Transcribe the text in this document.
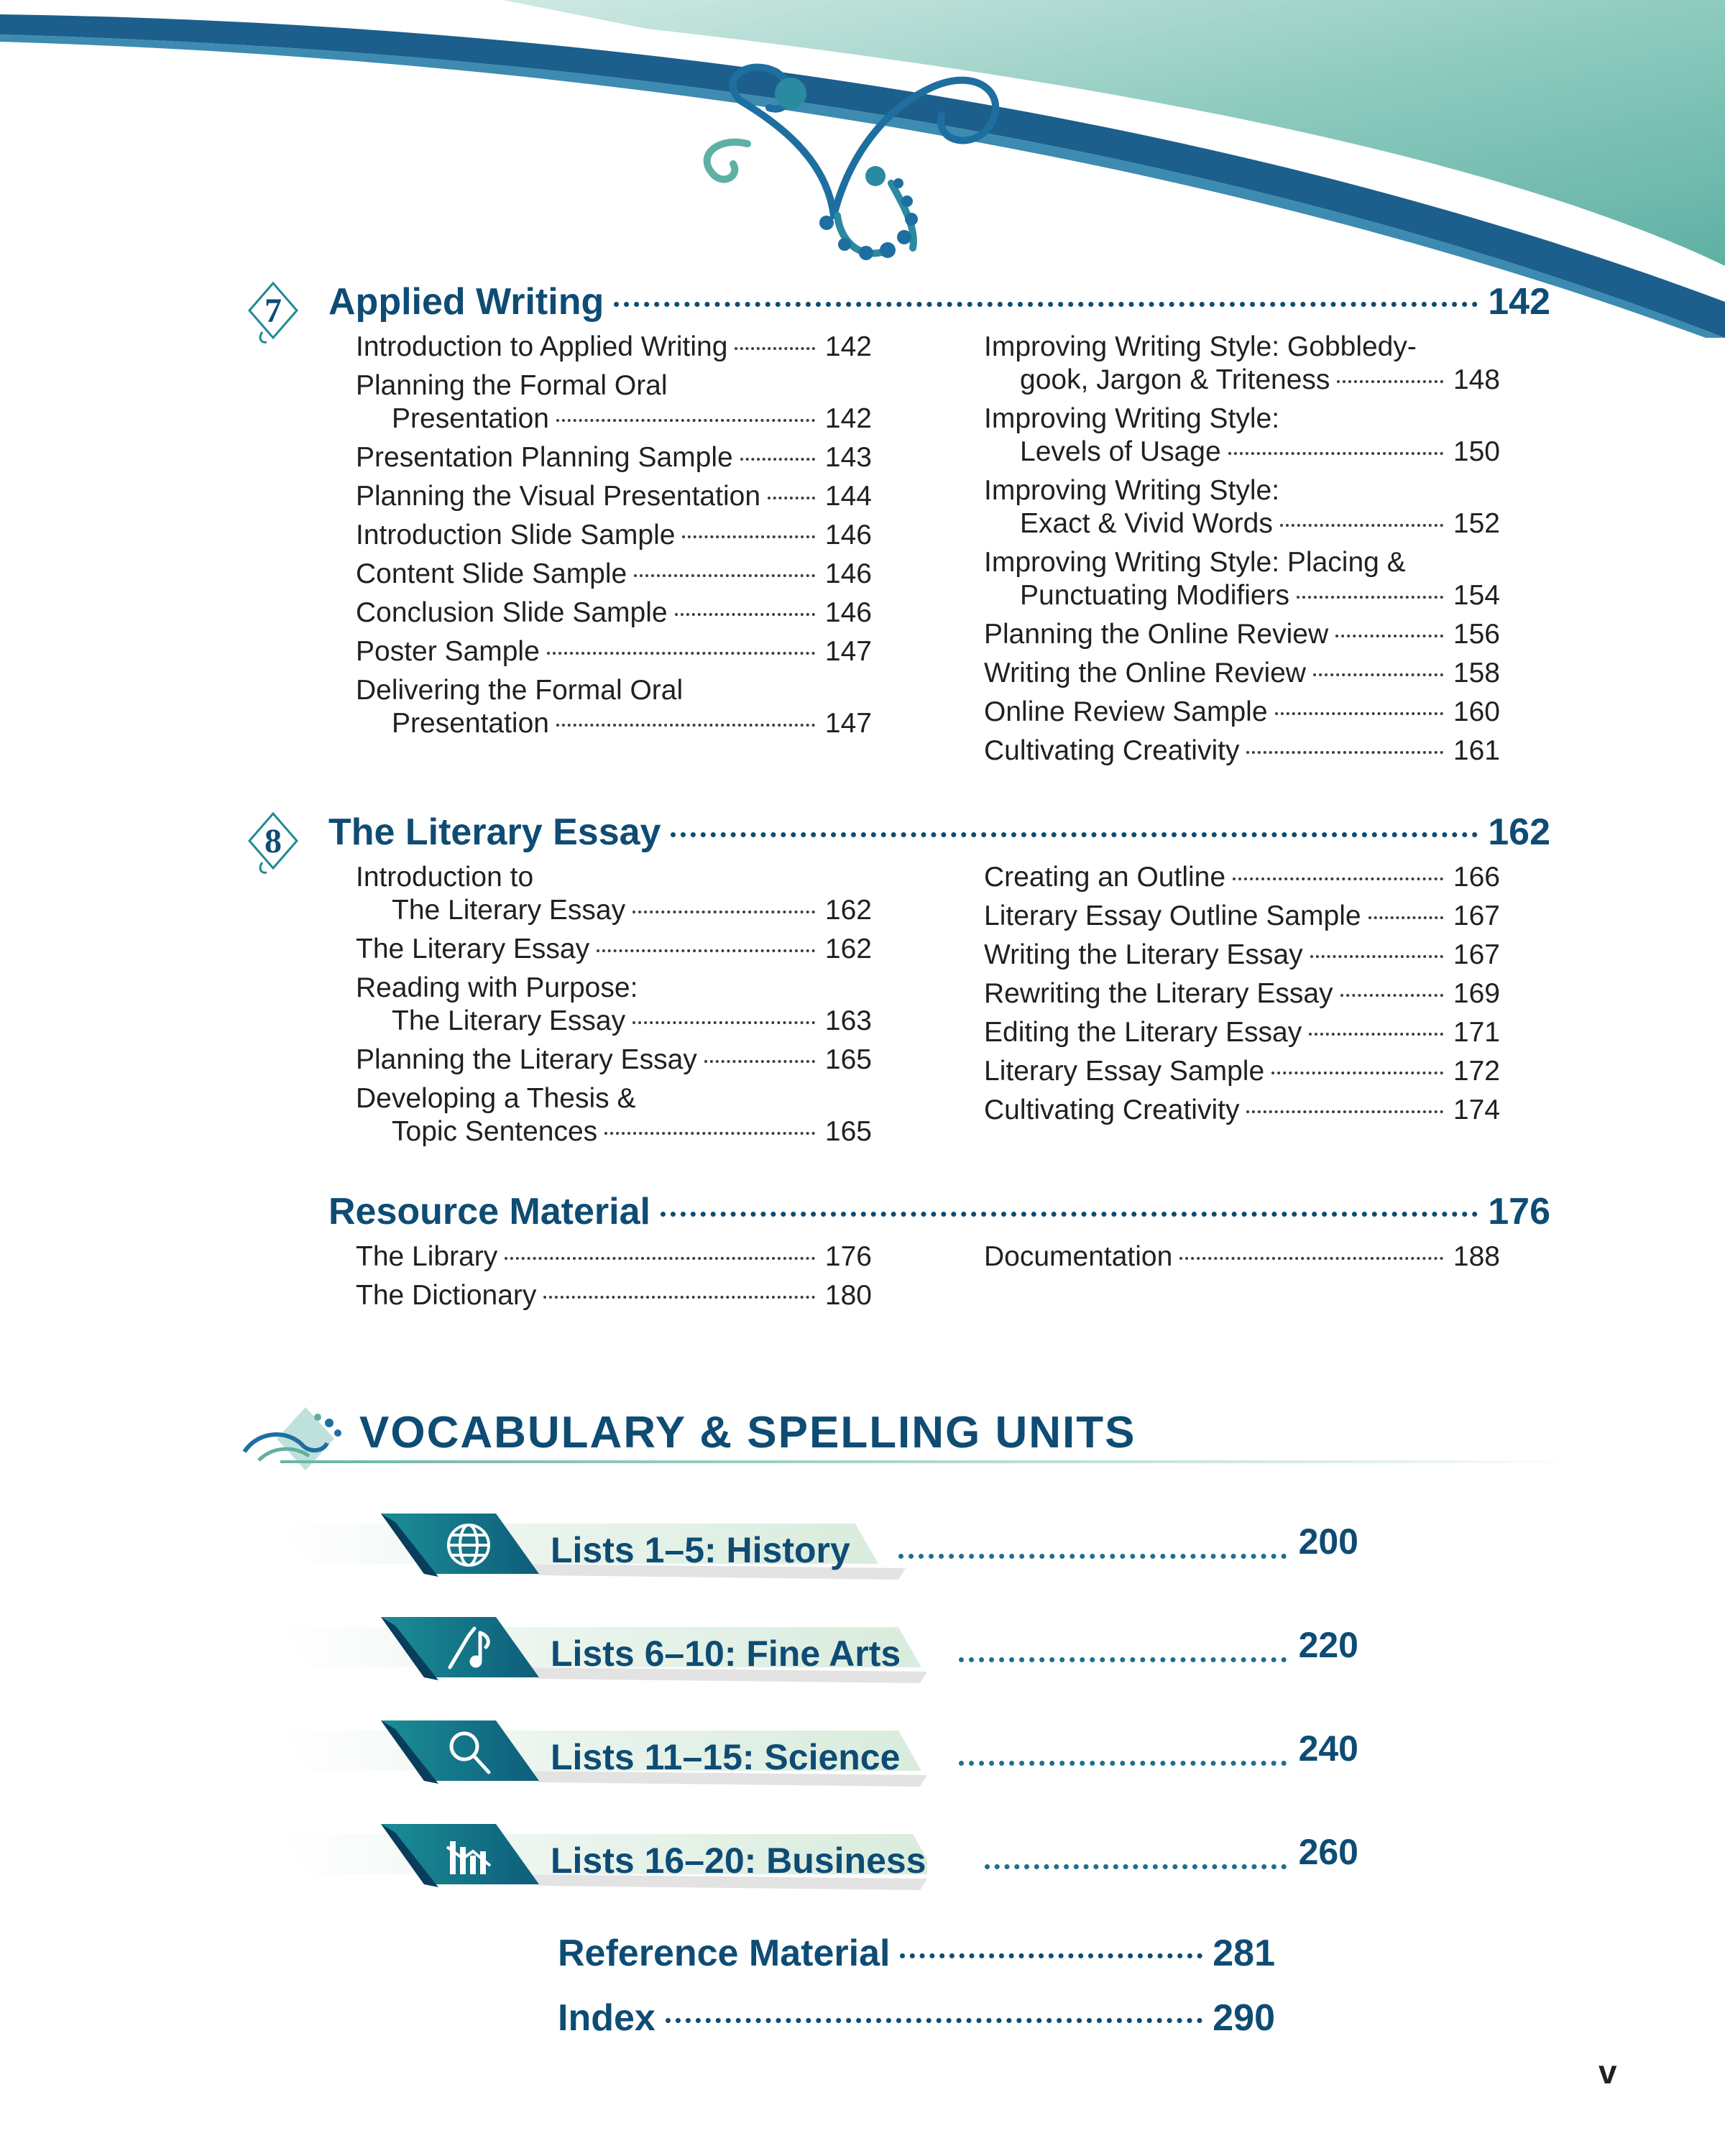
7 Applied Writing	142
Introduction to Applied Writing	142
Planning the Formal Oral
Presentation	142
Presentation Planning Sample	143
Planning the Visual Presentation 144
Introduction Slide Sample	146
Content Slide Sample	146
Conclusion Slide Sample	146
Poster Sample	147
Delivering the Formal Oral
Presentation	147
Improving Writing Style: Gobbledy-
gook, Jargon & Triteness	148
Improving Writing Style:
Levels of Usage	150
Improving Writing Style:
Exact & Vivid Words	152
Improving Writing Style: Placing &
Punctuating Modifiers	154
Planning the Online Review	156
Writing the Online Review	158
Online Review Sample	160
Cultivating Creativity	161
8 The Literary Essay	162
Introduction to
The Literary Essay	162
The Literary Essay	162
Reading with Purpose:
The Literary Essay	163
Planning the Literary Essay	165
Developing a Thesis &
Topic Sentences	165
Creating an Outline	166
Literary Essay Outline Sample	167
Writing the Literary Essay	167
Rewriting the Literary Essay	169
Editing the Literary Essay	171
Literary Essay Sample	172
Cultivating Creativity	174
Resource Material	176
The Library	176
The Dictionary	180
Documentation	188
VOCABULARY & SPELLING UNITS
Lists 1–5: History	200
Lists 6–10: Fine Arts	220
Lists 11–15: Science	240
Lists 16–20: Business	260
Reference Material	281
Index	290
v
